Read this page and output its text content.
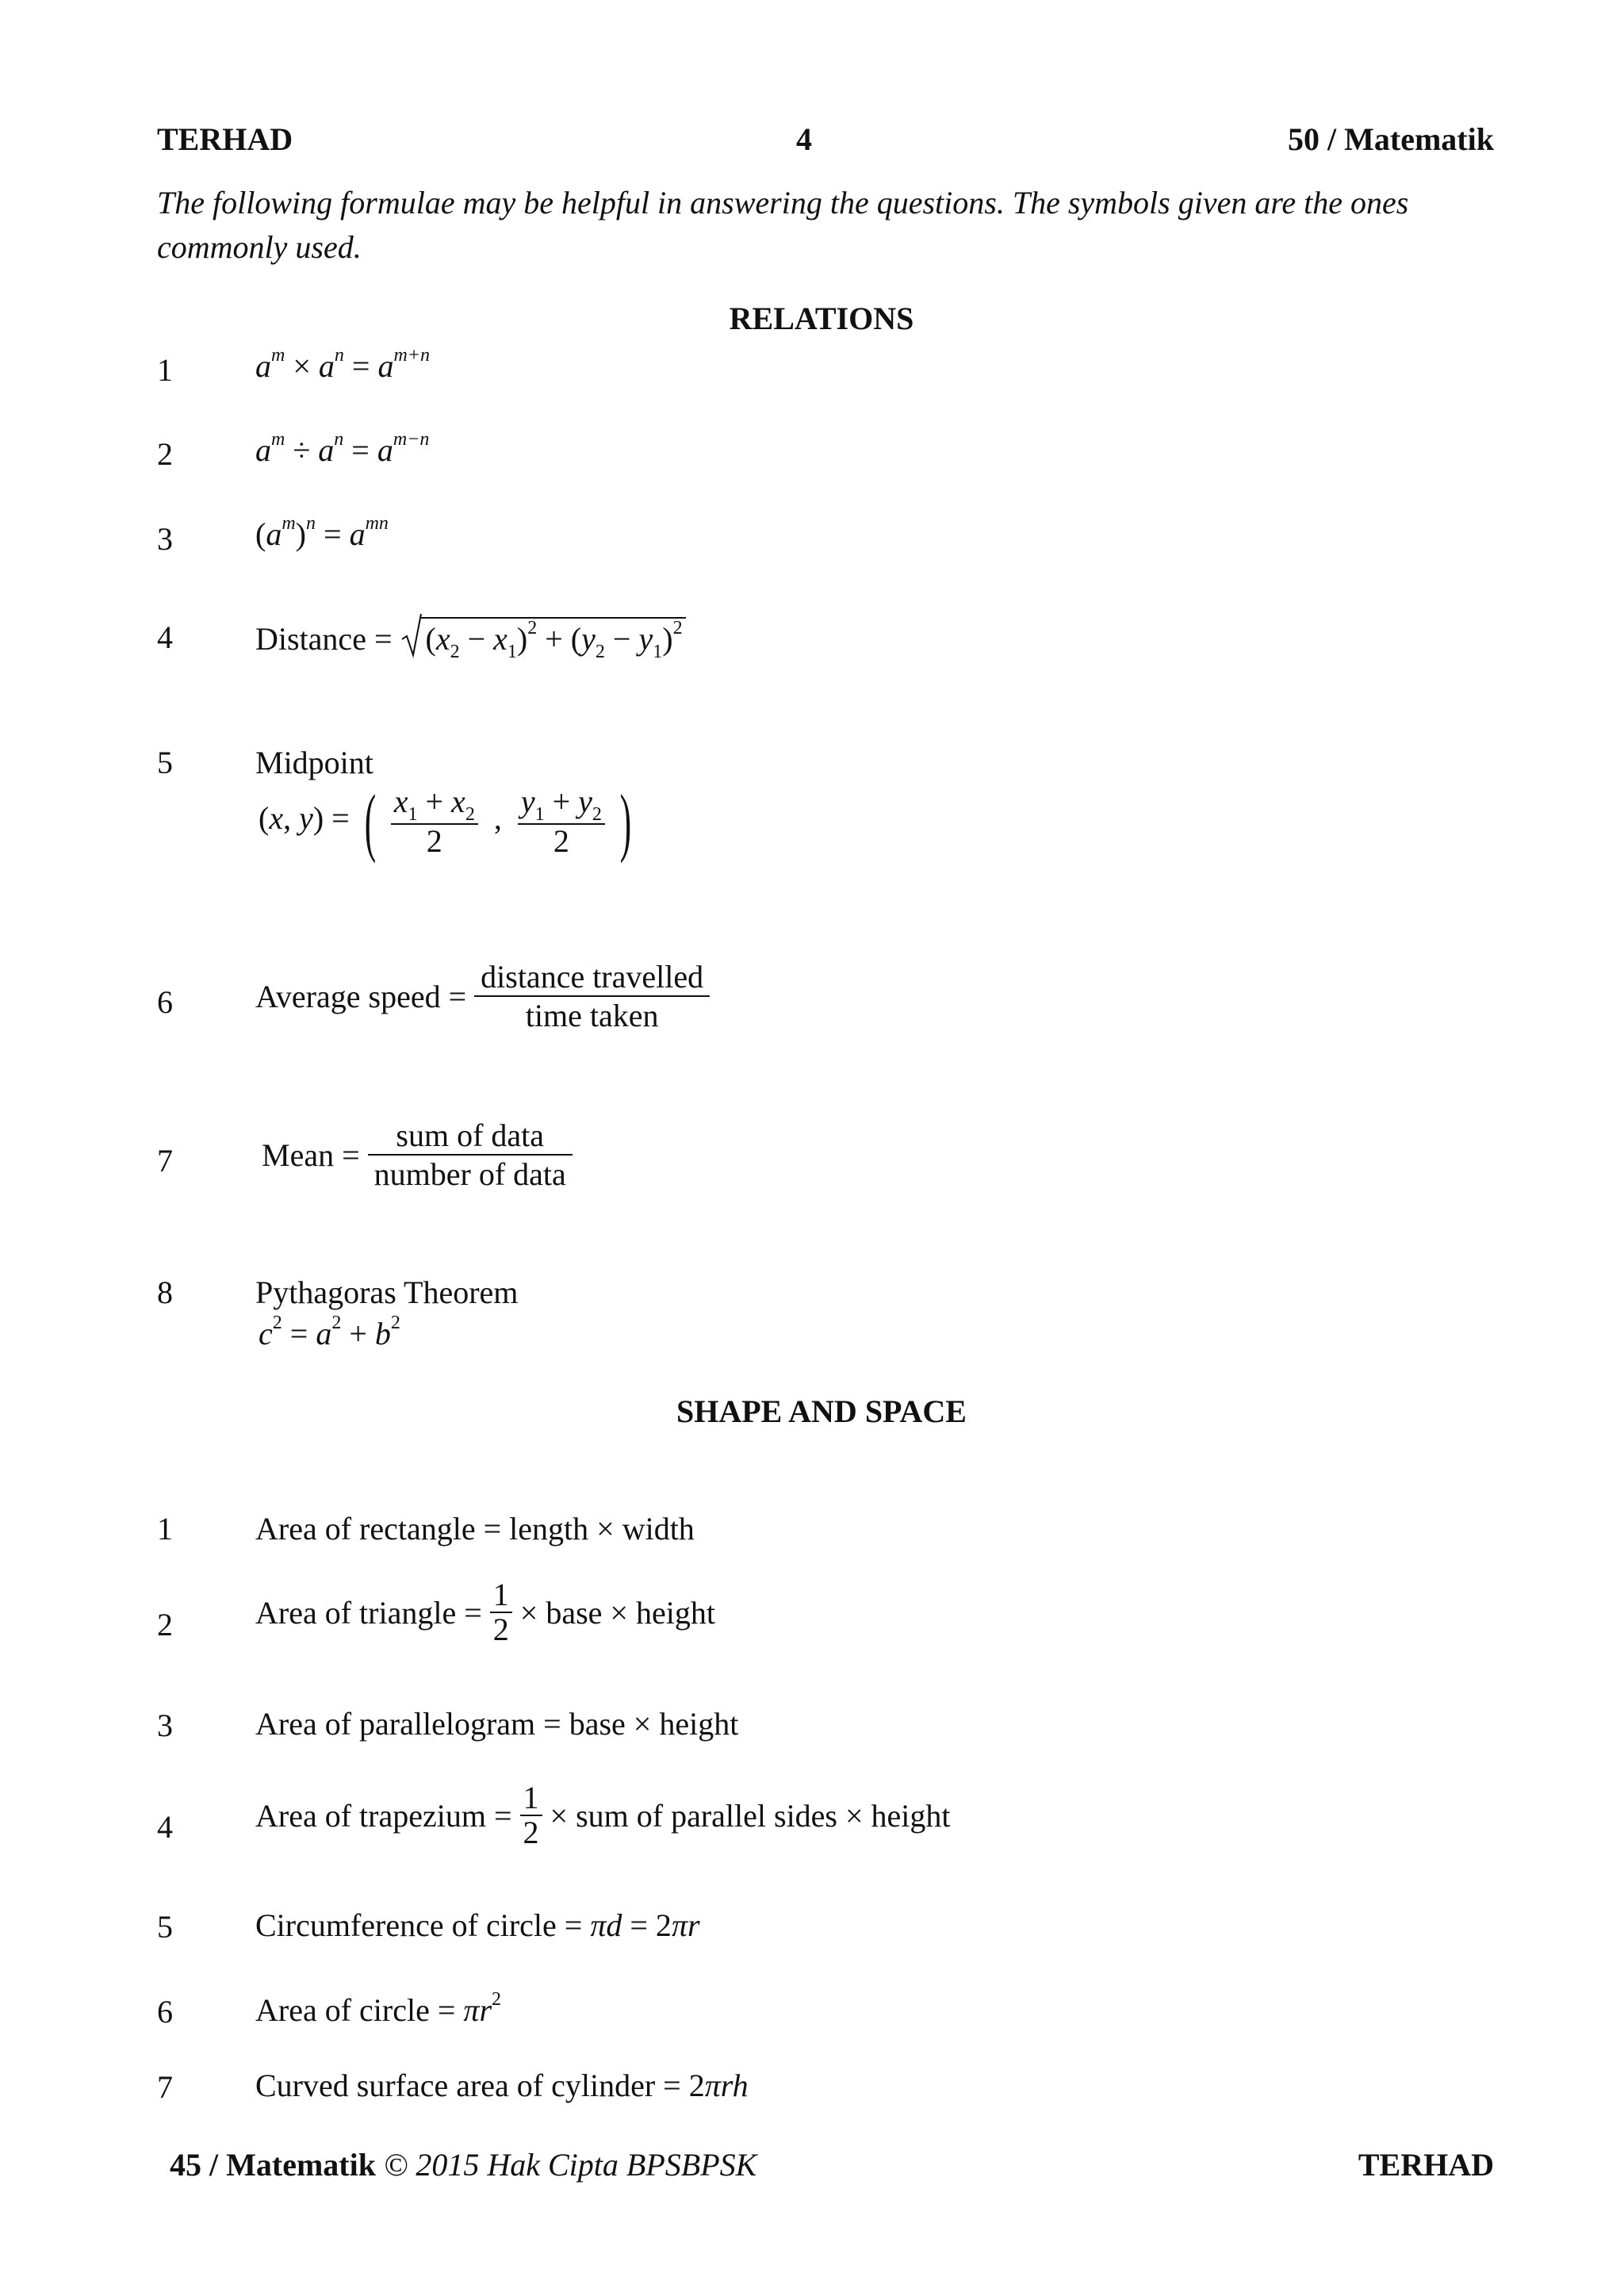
TERHAD	4	50 / Matematik
The following formulae may be helpful in answering the questions. The symbols given are the ones
commonly used.
RELATIONS
1	$a^m \times a^n = a^{m+n}$
2	$a^m \div a^n = a^{m-n}$
3	$(a^m)^n = a^{mn}$
4	Distance = $(x_2 - x_1)^2 + (y_2 - y_1)^2$
5	Midpoint
(x, y) = ( $\frac{x_1 + x_2}{2}$ , $\frac{y_1 + y_2}{2}$ )
6	Average speed = $\frac{\text{distance travelled}}{\text{time taken}}$
7	Mean = $\frac{\text{sum of data}}{\text{number of data}}$
8	Pythagoras Theorem
$c^2 = a^2 + b^2$
SHAPE AND SPACE
1	Area of rectangle = length × width
2	Area of triangle = $\frac{1}{2}$ × base × height
3	Area of parallelogram = base × height
4	Area of trapezium = $\frac{1}{2}$ × sum of parallel sides × height
5	Circumference of circle = πd = 2πr
6	Area of circle = $\pi r^2$
7	Curved surface area of cylinder = 2πrh
45 / Matematik © 2015 Hak Cipta BPSBPSK	TERHAD
